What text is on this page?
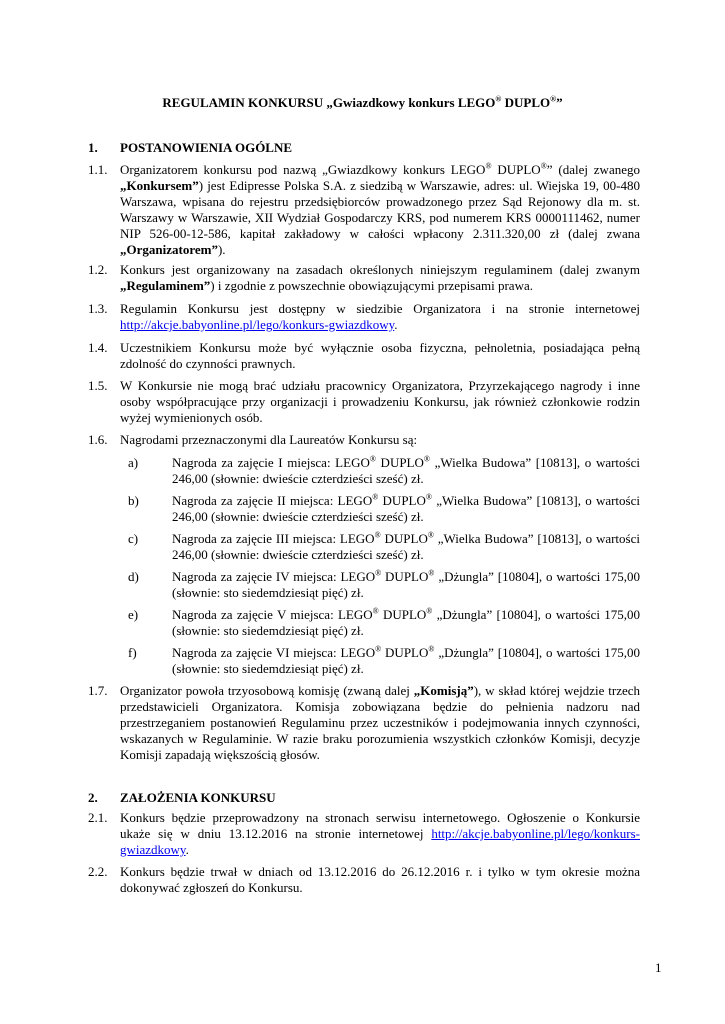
REGULAMIN KONKURSU „Gwiazdkowy konkurs LEGO® DUPLO®”
1. POSTANOWIENIA OGÓLNE
1.1. Organizatorem konkursu pod nazwą „Gwiazdkowy konkurs LEGO® DUPLO®” (dalej zwanego „Konkursem”) jest Edipresse Polska S.A. z siedzibą w Warszawie, adres: ul. Wiejska 19, 00-480 Warszawa, wpisana do rejestru przedsiębiorców prowadzonego przez Sąd Rejonowy dla m. st. Warszawy w Warszawie, XII Wydział Gospodarczy KRS, pod numerem KRS 0000111462, numer NIP 526-00-12-586, kapitał zakładowy w całości wpłacony 2.311.320,00 zł (dalej zwana „Organizatorem”).
1.2. Konkurs jest organizowany na zasadach określonych niniejszym regulaminem (dalej zwanym „Regulaminem”) i zgodnie z powszechnie obowiązującymi przepisami prawa.
1.3. Regulamin Konkursu jest dostępny w siedzibie Organizatora i na stronie internetowej http://akcje.babyonline.pl/lego/konkurs-gwiazdkowy.
1.4. Uczestnikiem Konkursu może być wyłącznie osoba fizyczna, pełnoletnia, posiadająca pełną zdolność do czynności prawnych.
1.5. W Konkursie nie mogą brać udziału pracownicy Organizatora, Przyrzekającego nagrody i inne osoby współpracujące przy organizacji i prowadzeniu Konkursu, jak również członkowie rodzin wyżej wymienionych osób.
1.6. Nagrodami przeznaczonymi dla Laureatów Konkursu są:
a)	Nagroda za zajęcie I miejsca: LEGO® DUPLO® „Wielka Budowa” [10813], o wartości 246,00 (słownie: dwieście czterdzieści sześć) zł.
b)	Nagroda za zajęcie II miejsca: LEGO® DUPLO® „Wielka Budowa” [10813], o wartości 246,00 (słownie: dwieście czterdzieści sześć) zł.
c)	Nagroda za zajęcie III miejsca: LEGO® DUPLO® „Wielka Budowa” [10813], o wartości 246,00 (słownie: dwieście czterdzieści sześć) zł.
d)	Nagroda za zajęcie IV miejsca: LEGO® DUPLO® „Dżungla” [10804], o wartości 175,00 (słownie: sto siedemdziesiąt pięć) zł.
e)	Nagroda za zajęcie V miejsca: LEGO® DUPLO® „Dżungla” [10804], o wartości 175,00 (słownie: sto siedemdziesiąt pięć) zł.
f)	Nagroda za zajęcie VI miejsca: LEGO® DUPLO® „Dżungla” [10804], o wartości 175,00 (słownie: sto siedemdziesiąt pięć) zł.
1.7. Organizator powoła trzyosobową komisję (zwaną dalej „Komisją”), w skład której wejdzie trzech przedstawicieli Organizatora. Komisja zobowiązana będzie do pełnienia nadzoru nad przestrzeganiem postanowień Regulaminu przez uczestników i podejmowania innych czynności, wskazanych w Regulaminie. W razie braku porozumienia wszystkich członków Komisji, decyzje Komisji zapadają większością głosów.
2. ZAŁOŻENIA KONKURSU
2.1. Konkurs będzie przeprowadzony na stronach serwisu internetowego. Ogłoszenie o Konkursie ukaże się w dniu 13.12.2016 na stronie internetowej http://akcje.babyonline.pl/lego/konkurs-gwiazdkowy.
2.2. Konkurs będzie trwał w dniach od 13.12.2016 do 26.12.2016 r. i tylko w tym okresie można dokonywać zgłoszeń do Konkursu.
1
